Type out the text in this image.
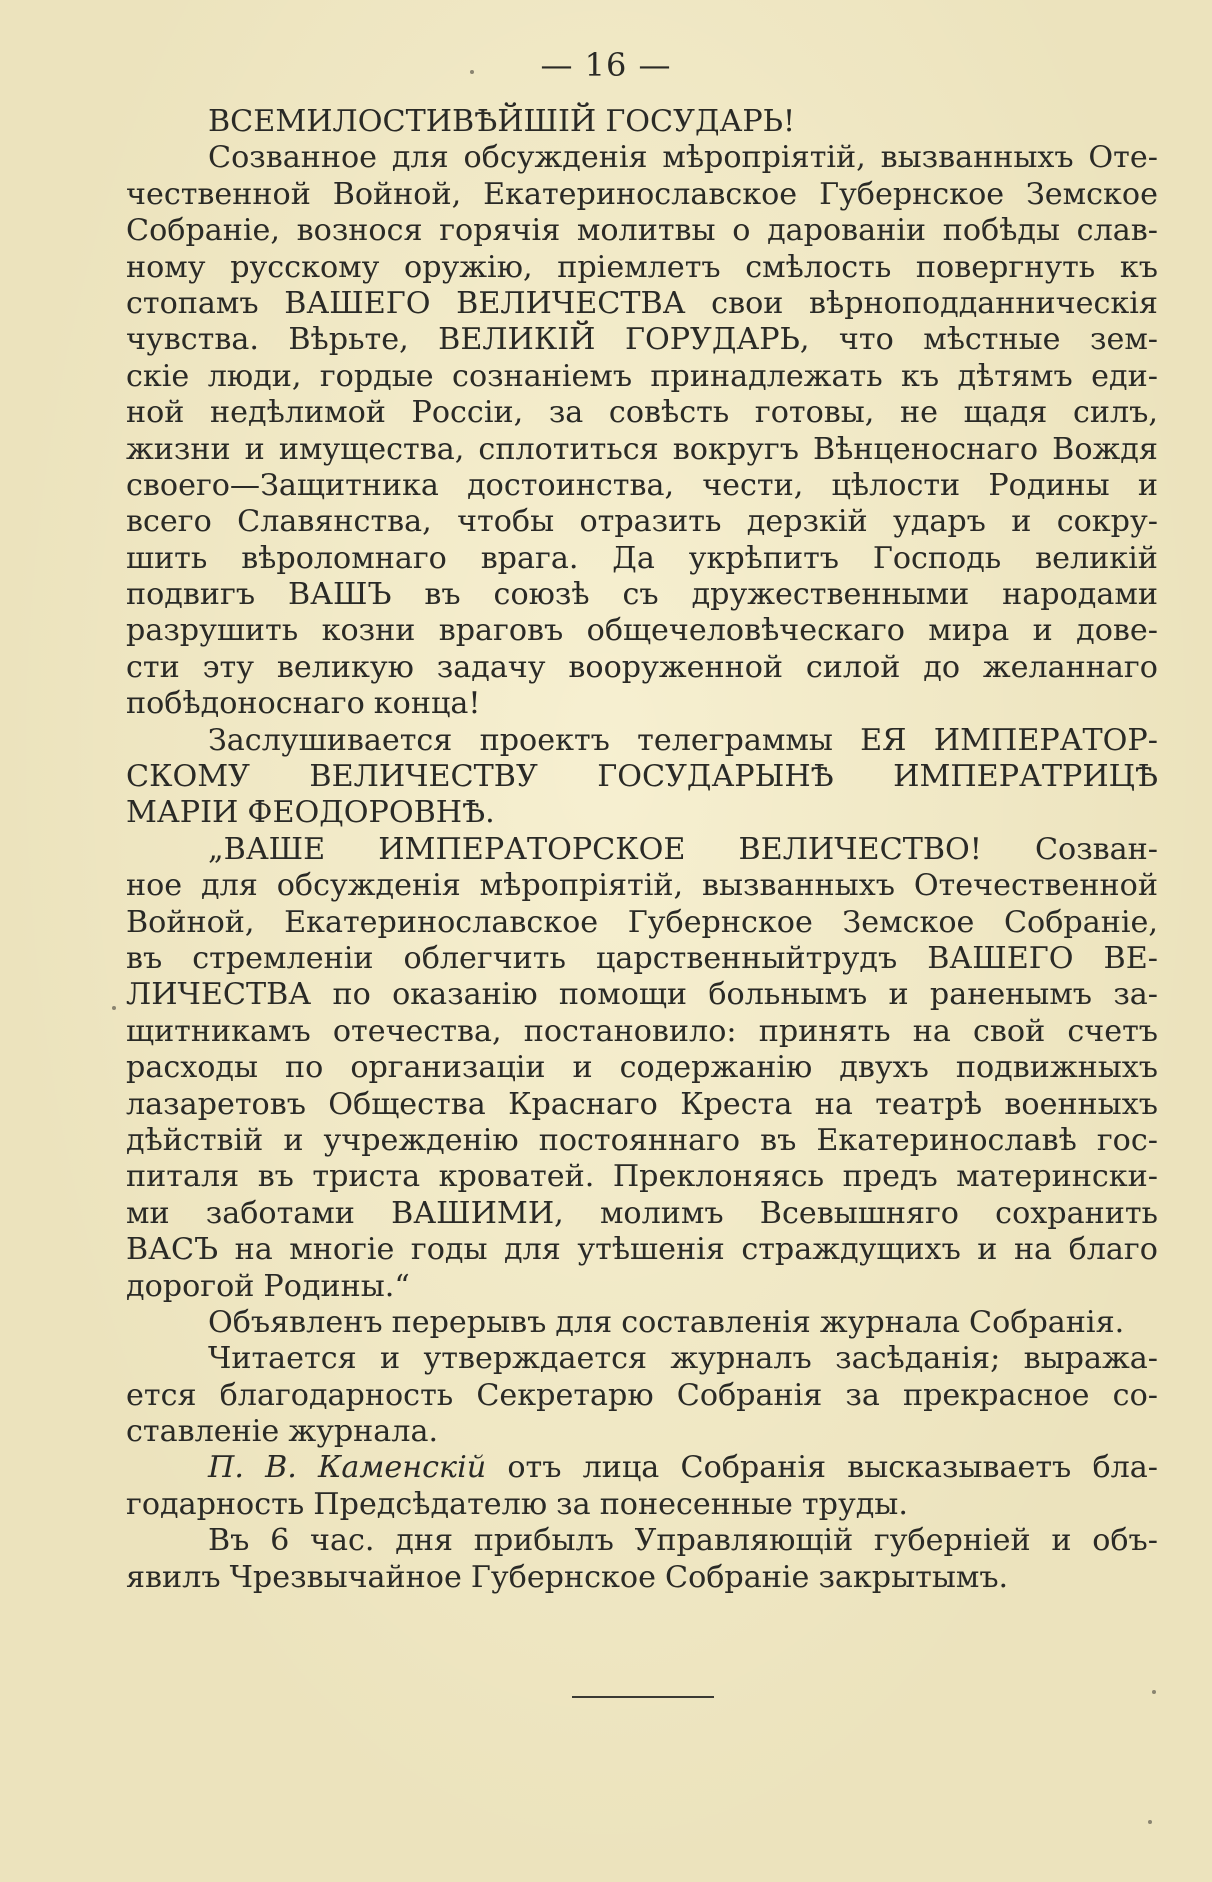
— 16 —
ВСЕМИЛОСТИВѢЙШІЙ ГОСУДАРЬ!
Созванное для обсужденія мѣропріятій, вызванныхъ Оте-
чественной Войной, Екатеринославское Губернское Земское
Собраніе, вознося горячія молитвы о дарованіи побѣды слав-
ному русскому оружію, пріемлетъ смѣлость повергнуть къ
стопамъ ВАШЕГО ВЕЛИЧЕСТВА свои вѣрноподданническія
чувства. Вѣрьте, ВЕЛИКІЙ ГОРУДАРЬ, что мѣстные зем-
скіе люди, гордые сознаніемъ принадлежать къ дѣтямъ еди-
ной недѣлимой Россіи, за совѣсть готовы, не щадя силъ,
жизни и имущества, сплотиться вокругъ Вѣнценоснаго Вождя
своего—Защитника достоинства, чести, цѣлости Родины и
всего Славянства, чтобы отразить дерзкій ударъ и сокру-
шить вѣроломнаго врага. Да укрѣпитъ Господь великій
подвигъ ВАШЪ въ союзѣ съ дружественными народами
разрушить козни враговъ общечеловѣческаго мира и дове-
сти эту великую задачу вооруженной силой до желаннаго
побѣдоноснаго конца!
Заслушивается проектъ телеграммы ЕЯ ИМПЕРАТОР-
СКОМУ ВЕЛИЧЕСТВУ ГОСУДАРЫНѢ ИМПЕРАТРИЦѢ
МАРІИ ФЕОДОРОВНѢ.
„ВАШЕ ИМПЕРАТОРСКОЕ ВЕЛИЧЕСТВО! Созван-
ное для обсужденія мѣропріятій, вызванныхъ Отечественной
Войной, Екатеринославское Губернское Земское Собраніе,
въ стремленіи облегчить царственныйтрудъ ВАШЕГО ВЕ-
ЛИЧЕСТВА по оказанію помощи больнымъ и раненымъ за-
щитникамъ отечества, постановило: принять на свой счетъ
расходы по организаціи и содержанію двухъ подвижныхъ
лазаретовъ Общества Краснаго Креста на театрѣ военныхъ
дѣйствій и учрежденію постояннаго въ Екатеринославѣ гос-
питаля въ триста кроватей. Преклоняясь предъ матерински-
ми заботами ВАШИМИ, молимъ Всевышняго сохранить
ВАСЪ на многіе годы для утѣшенія страждущихъ и на благо
дорогой Родины.“
Объявленъ перерывъ для составленія журнала Собранія.
Читается и утверждается журналъ засѣданія; выража-
ется благодарность Секретарю Собранія за прекрасное со-
ставленіе журнала.
П. В. Каменскій отъ лица Собранія высказываетъ бла-
годарность Предсѣдателю за понесенные труды.
Въ 6 час. дня прибылъ Управляющій губерніей и объ-
явилъ Чрезвычайное Губернское Собраніе закрытымъ.
